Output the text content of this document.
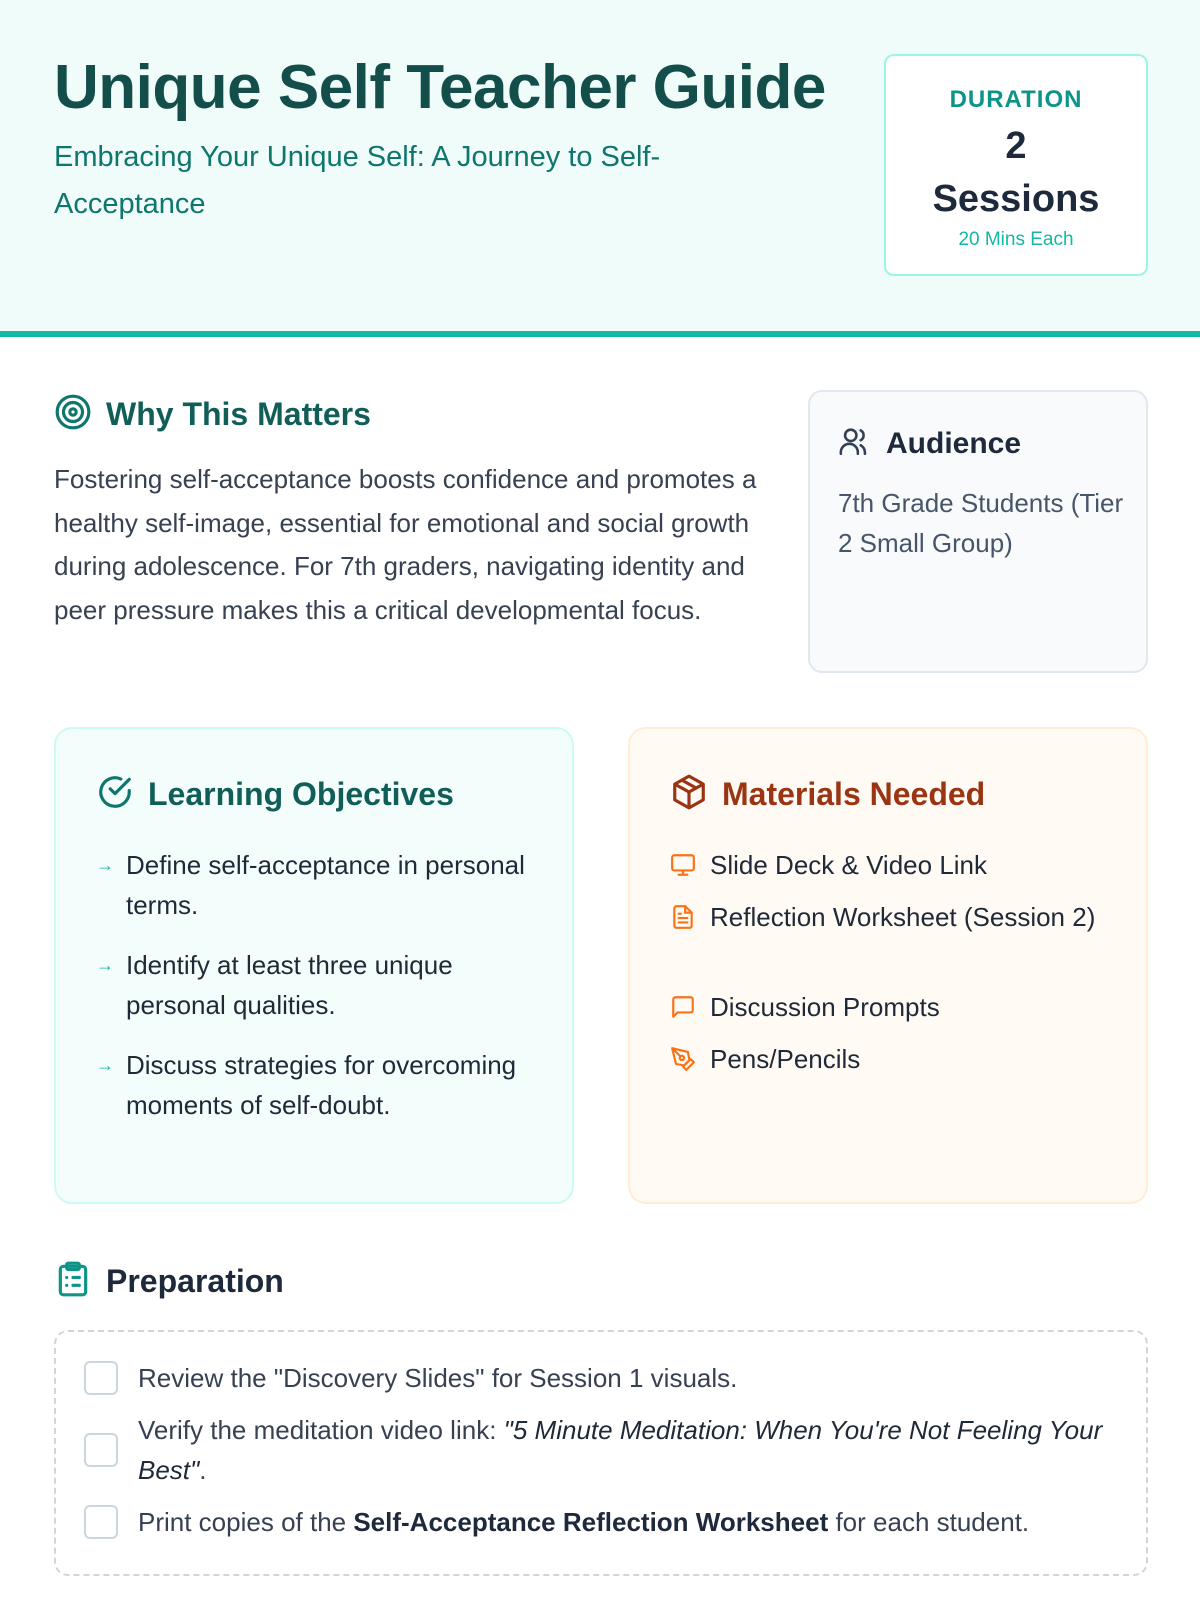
Unique Self Teacher Guide
Embracing Your Unique Self: A Journey to Self-Acceptance
DURATION
2
Sessions
20 Mins Each
Why This Matters
Fostering self-acceptance boosts confidence and promotes a healthy self-image, essential for emotional and social growth during adolescence. For 7th graders, navigating identity and peer pressure makes this a critical developmental focus.
Audience
7th Grade Students (Tier 2 Small Group)
Learning Objectives
→ Define self-acceptance in personal terms.
→ Identify at least three unique personal qualities.
→ Discuss strategies for overcoming moments of self-doubt.
Materials Needed
Slide Deck & Video Link
Reflection Worksheet (Session 2)
Discussion Prompts
Pens/Pencils
Preparation
Review the "Discovery Slides" for Session 1 visuals.
Verify the meditation video link: "5 Minute Meditation: When You're Not Feeling Your Best".
Print copies of the Self-Acceptance Reflection Worksheet for each student.
